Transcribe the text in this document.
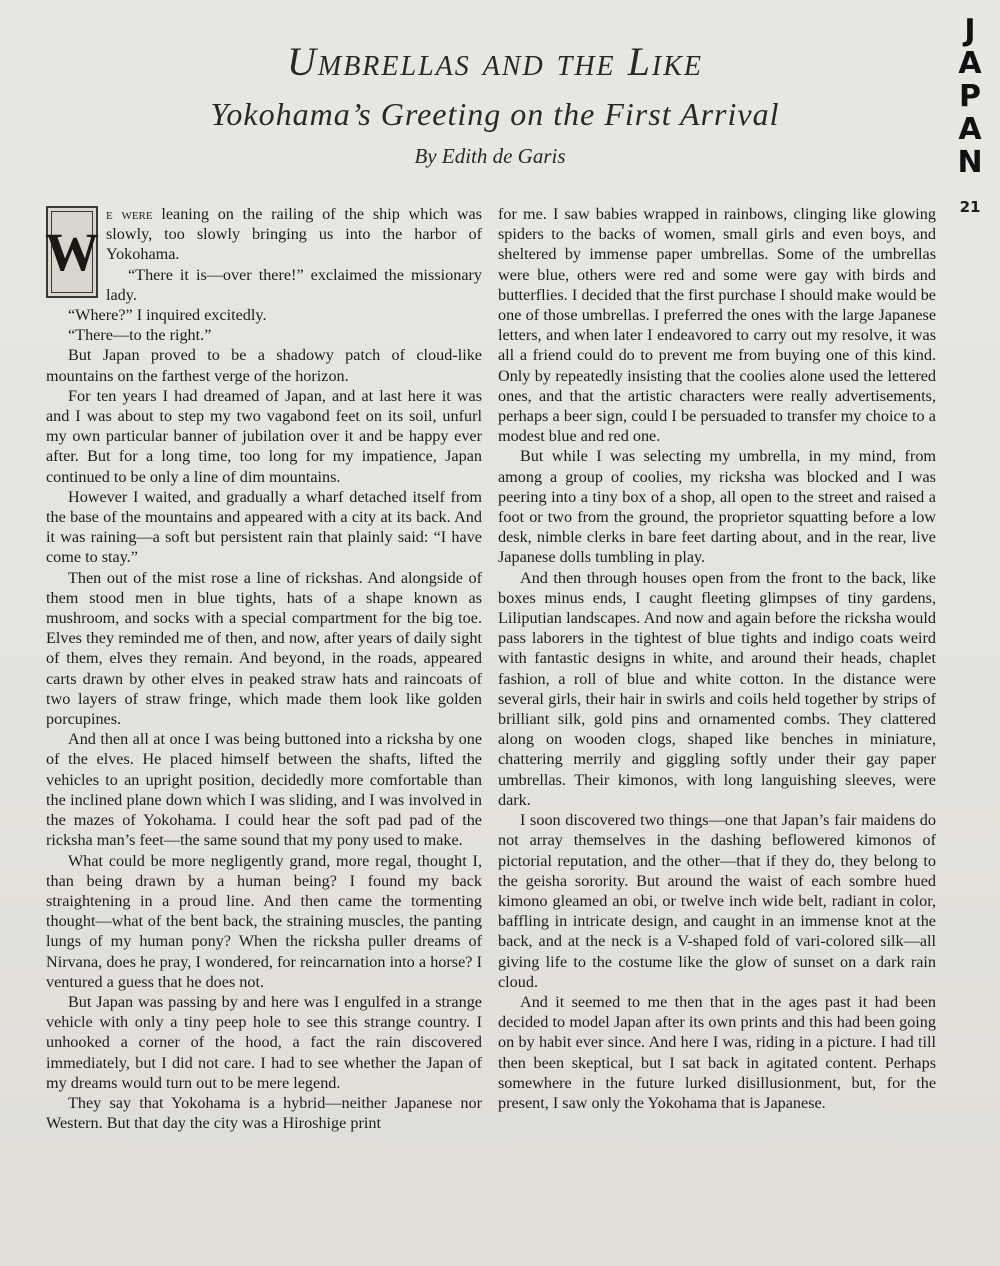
Umbrellas and the Like
Yokohama’s Greeting on the First Arrival
By Edith de Garis
J
A
P
A
N
21

W
e were leaning on the railing of the ship which was slowly, too slowly bringing us into the harbor of Yokohama.

“There it is—over there!” exclaimed the missionary lady.

“Where?” I inquired excitedly.

“There—to the right.”

But Japan proved to be a shadowy patch of cloud-like mountains on the farthest verge of the horizon.

For ten years I had dreamed of Japan, and at last here it was and I was about to step my two vagabond feet on its soil, unfurl my own particular banner of jubilation over it and be happy ever after. But for a long time, too long for my impatience, Japan continued to be only a line of dim mountains.

However I waited, and gradually a wharf detached itself from the base of the mountains and appeared with a city at its back. And it was raining—a soft but persistent rain that plainly said: “I have come to stay.”

Then out of the mist rose a line of rickshas. And alongside of them stood men in blue tights, hats of a shape known as mushroom, and socks with a special compartment for the big toe. Elves they reminded me of then, and now, after years of daily sight of them, elves they remain. And beyond, in the roads, appeared carts drawn by other elves in peaked straw hats and raincoats of two layers of straw fringe, which made them look like golden porcupines.

And then all at once I was being buttoned into a ricksha by one of the elves. He placed himself between the shafts, lifted the vehicles to an upright position, decidedly more comfortable than the inclined plane down which I was sliding, and I was involved in the mazes of Yokohama. I could hear the soft pad pad of the ricksha man’s feet—the same sound that my pony used to make.

What could be more negligently grand, more regal, thought I, than being drawn by a human being? I found my back straightening in a proud line. And then came the tormenting thought—what of the bent back, the straining muscles, the panting lungs of my human pony? When the ricksha puller dreams of Nirvana, does he pray, I wondered, for reincarnation into a horse? I ventured a guess that he does not.

But Japan was passing by and here was I engulfed in a strange vehicle with only a tiny peep hole to see this strange country. I unhooked a corner of the hood, a fact the rain discovered immediately, but I did not care. I had to see whether the Japan of my dreams would turn out to be mere legend.

They say that Yokohama is a hybrid—neither Japanese nor Western. But that day the city was a Hiroshige print

for me. I saw babies wrapped in rainbows, clinging like glowing spiders to the backs of women, small girls and even boys, and sheltered by immense paper umbrellas. Some of the umbrellas were blue, others were red and some were gay with birds and butterflies. I decided that the first purchase I should make would be one of those umbrellas. I preferred the ones with the large Japanese letters, and when later I endeavored to carry out my resolve, it was all a friend could do to prevent me from buying one of this kind. Only by repeatedly insisting that the coolies alone used the lettered ones, and that the artistic characters were really advertisements, perhaps a beer sign, could I be persuaded to transfer my choice to a modest blue and red one.

But while I was selecting my umbrella, in my mind, from among a group of coolies, my ricksha was blocked and I was peering into a tiny box of a shop, all open to the street and raised a foot or two from the ground, the proprietor squatting before a low desk, nimble clerks in bare feet darting about, and in the rear, live Japanese dolls tumbling in play.

And then through houses open from the front to the back, like boxes minus ends, I caught fleeting glimpses of tiny gardens, Liliputian landscapes. And now and again before the ricksha would pass laborers in the tightest of blue tights and indigo coats weird with fantastic designs in white, and around their heads, chaplet fashion, a roll of blue and white cotton. In the distance were several girls, their hair in swirls and coils held together by strips of brilliant silk, gold pins and ornamented combs. They clattered along on wooden clogs, shaped like benches in miniature, chattering merrily and giggling softly under their gay paper umbrellas. Their kimonos, with long languishing sleeves, were dark.

I soon discovered two things—one that Japan’s fair maidens do not array themselves in the dashing beflowered kimonos of pictorial reputation, and the other—that if they do, they belong to the geisha sorority. But around the waist of each sombre hued kimono gleamed an obi, or twelve inch wide belt, radiant in color, baffling in intricate design, and caught in an immense knot at the back, and at the neck is a V-shaped fold of vari-colored silk—all giving life to the costume like the glow of sunset on a dark rain cloud.

And it seemed to me then that in the ages past it had been decided to model Japan after its own prints and this had been going on by habit ever since. And here I was, riding in a picture. I had till then been skeptical, but I sat back in agitated content. Perhaps somewhere in the future lurked disillusionment, but, for the present, I saw only the Yokohama that is Japanese.
